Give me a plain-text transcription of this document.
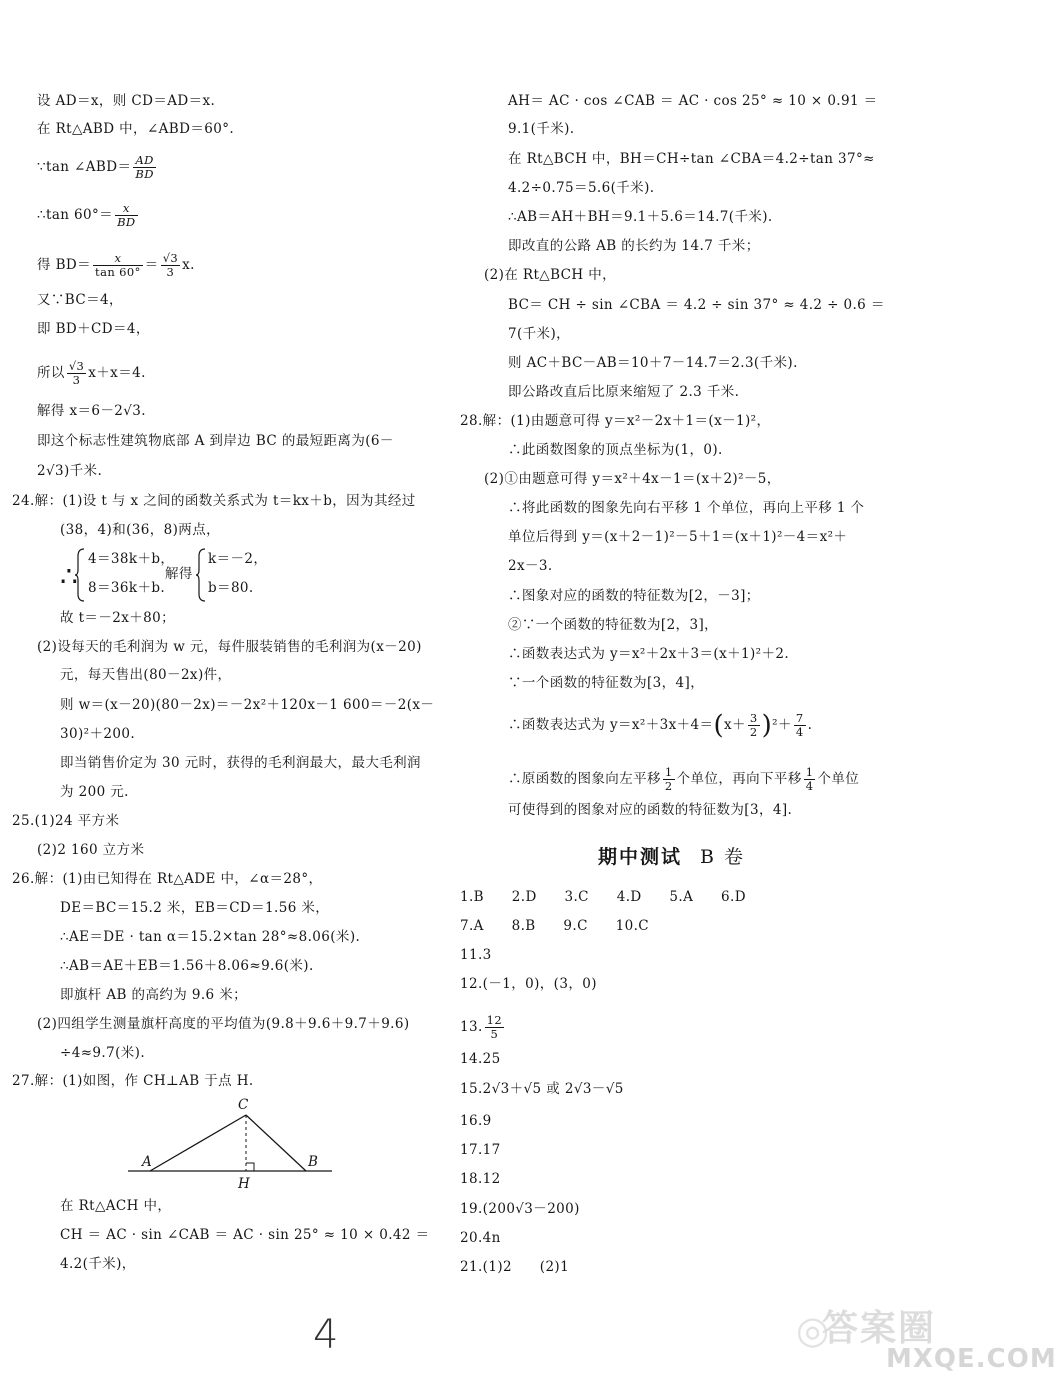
设 AD＝x，则 CD＝AD＝x.
在 Rt△ABD 中，∠ABD＝60°.
∵tan ∠ABD＝ $\frac{AD}{BD}$
∴tan $60^\circ= \frac{x}{BD}$
得 $BD= \frac{x}{\tan 60^\circ} = \frac{√3}{3} x$.
又∵BC＝4，
即 BD＋CD＝4，
所以 $\frac{√3}{3} x+x=4$.
解得 x＝6－2√3.
即这个标志性建筑物底部 A 到岸边 BC 的最短距离为(6－
2√3)千米.
24.解：(1)设 t 与 x 之间的函数关系式为 t＝kx＋b，因为其经过
(38，4)和(36，8)两点，
∴
4＝38k＋b，
8＝36k＋b.
解得
k＝－2，
b＝80.
故 t＝－2x＋80；
(2)设每天的毛利润为 w 元，每件服装销售的毛利润为(x－20)
元，每天售出(80－2x)件，
则 w＝(x－20)(80－2x)＝－2x²＋120x－1 600＝－2(x－
30)²＋200.
即当销售价定为 30 元时，获得的毛利润最大，最大毛利润
为 200 元.
25.(1)24 平方米
(2)2 160 立方米
26.解：(1)由已知得在 Rt△ADE 中，∠α＝28°，
DE＝BC＝15.2 米，EB＝CD＝1.56 米，
∴AE＝DE · tan α＝15.2×tan 28°≈8.06(米).
∴AB＝AE＋EB＝1.56＋8.06≈9.6(米).
即旗杆 AB 的高约为 9.6 米；
(2)四组学生测量旗杆高度的平均值为(9.8＋9.6＋9.7＋9.6)
÷4≈9.7(米).
27.解：(1)如图，作 CH⊥AB 于点 H.
A	B
C
H
在 Rt△ACH 中，
CH ＝ AC · sin ∠CAB ＝ AC · sin 25° ≈ 10 × 0.42 ＝
4.2(千米)，
AH＝ AC · cos ∠CAB ＝ AC · cos 25° ≈ 10 × 0.91 ＝
9.1(千米).
在 Rt△BCH 中，BH＝CH÷tan ∠CBA＝4.2÷tan 37°≈
4.2÷0.75＝5.6(千米).
∴AB＝AH＋BH＝9.1＋5.6＝14.7(千米).
即改直的公路 AB 的长约为 14.7 千米；
(2)在 Rt△BCH 中，
BC＝ CH ÷ sin ∠CBA ＝ 4.2 ÷ sin 37° ≈ 4.2 ÷ 0.6 ＝
7(千米)，
则 AC＋BC－AB＝10＋7－14.7＝2.3(千米).
即公路改直后比原来缩短了 2.3 千米.
28.解：(1)由题意可得 y＝x²－2x＋1＝(x－1)²，
∴此函数图象的顶点坐标为(1，0).
(2)①由题意可得 y＝x²＋4x－1＝(x＋2)²－5，
∴将此函数的图象先向右平移 1 个单位，再向上平移 1 个
单位后得到 y＝(x＋2－1)²－5＋1＝(x＋1)²－4＝x²＋
2x－3.
∴图象对应的函数的特征数为[2，－3]；
②∵一个函数的特征数为[2，3]，
∴函数表达式为 y＝x²＋2x＋3＝(x＋1)²＋2.
∵一个函数的特征数为[3，4]，
∴函数表达式为 $y=x^2+3x+4=(x+ \frac{3}{2} )^2+ \frac{7}{4}$ .
∴原函数的图象向左平移 $\frac{1}{2}$ 个单位，再向下平移 $\frac{1}{4}$ 个单位
可使得到的图象对应的函数的特征数为[3，4].
期中测试 B 卷
1.B　　2.D　　3.C　　4.D　　5.A　　6.D
7.A　　8.B　　9.C　　10.C
11.3
12.(－1，0)，(3，0)
13. $\frac{12}{5}$
14.25
15.2√3＋√5 或 2√3－√5
16.9
17.17
18.12
19.(200√3－200)
20.4n
21.(1)2　　(2)1
4	◎
答案圈
MXQE.COM
